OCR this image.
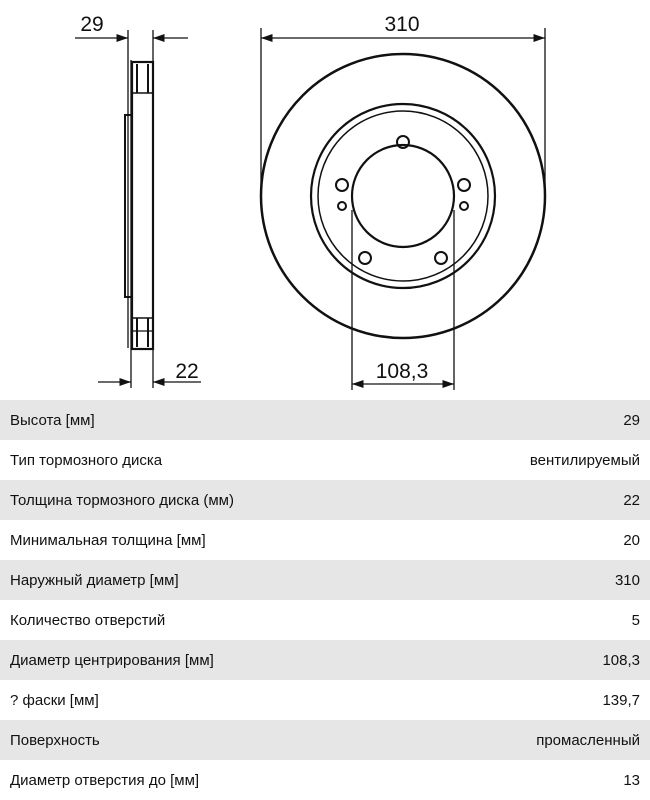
29
22
310
108,3
Высота [мм]	29
Тип тормозного диска	вентилируемый
Толщина тормозного диска (мм)	22
Минимальная толщина [мм]	20
Наружный диаметр [мм]	310
Количество отверстий	5
Диаметр центрирования [мм]	108,3
? фаски [мм]	139,7
Поверхность	промасленный
Диаметр отверстия до [мм]	13
